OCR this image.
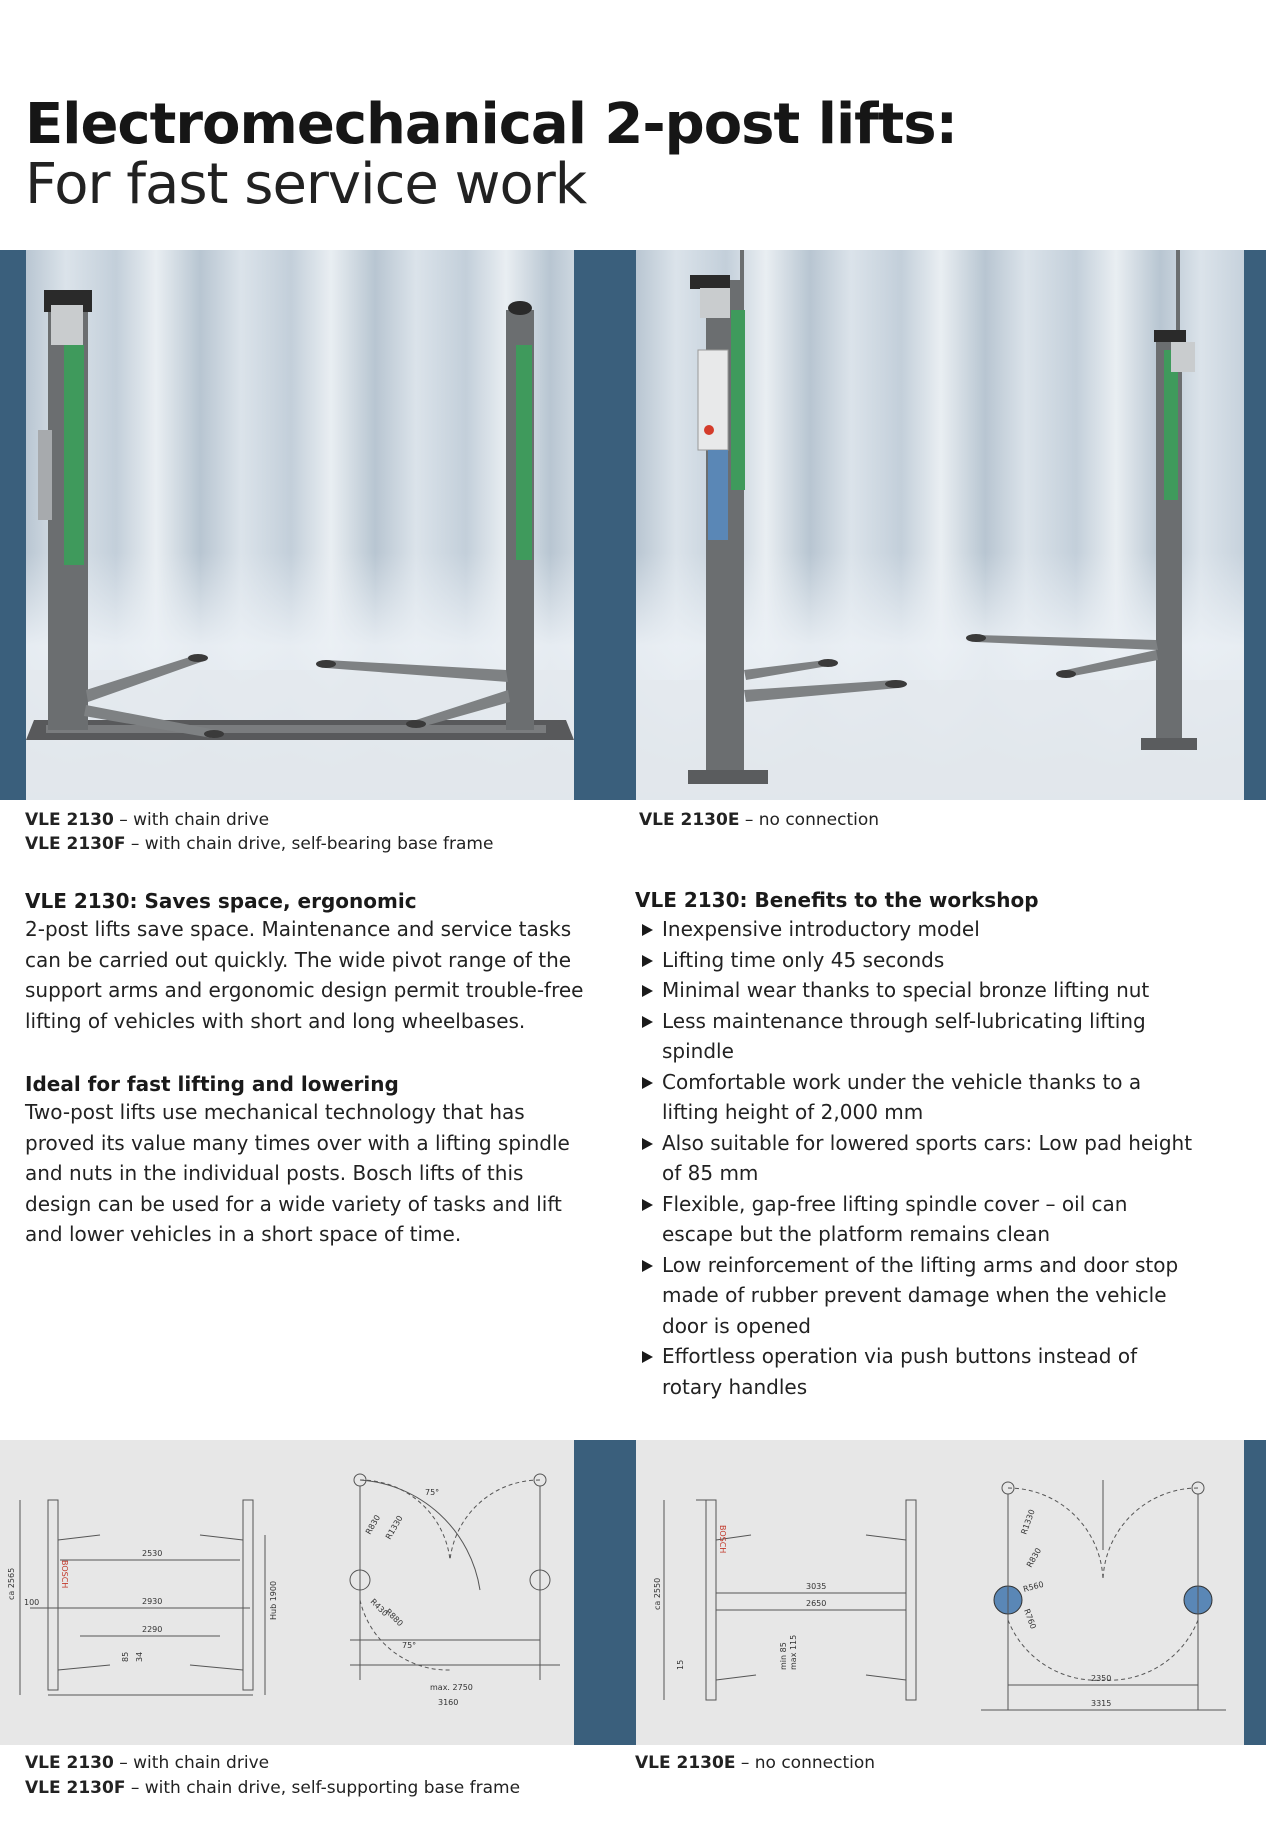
Electromechanical 2-post lifts:
For fast service work
VLE 2130 – with chain drive
VLE 2130F – with chain drive, self-bearing base frame
VLE 2130E – no connection
VLE 2130: Saves space, ergonomic
2-post lifts save space. Maintenance and service tasks can be carried out quickly. The wide pivot range of the support arms and ergonomic design permit trouble-free lifting of vehicles with short and long wheelbases.
Ideal for fast lifting and lowering
Two-post lifts use mechanical technology that has proved its value many times over with a lifting spindle and nuts in the individual posts. Bosch lifts of this design can be used for a wide variety of tasks and lift and lower vehicles in a short space of time.
VLE 2130: Benefits to the workshop
Inexpensive introductory model
Lifting time only 45 seconds
Minimal wear thanks to special bronze lifting nut
Less maintenance through self-lubricating lifting spindle
Comfortable work under the vehicle thanks to a lifting height of 2,000 mm
Also suitable for lowered sports cars: Low pad height of 85 mm
Flexible, gap-free lifting spindle cover – oil can escape but the platform remains clean
Low reinforcement of the lifting arms and door stop made of rubber prevent damage when the vehicle door is opened
Effortless operation via push buttons instead of rotary handles
ca 2565
2530
100	2930
2290
85 34
Hub 1900
BOSCH
75°
R830 R1330
R430
R880
75°
max. 2750
3160
ca 2550	3035
2650
15	min 85 max 115
BOSCH
R1330
R830
R560
R760
2350
3315
VLE 2130 – with chain drive
VLE 2130F – with chain drive, self-supporting base frame
VLE 2130E – no connection
